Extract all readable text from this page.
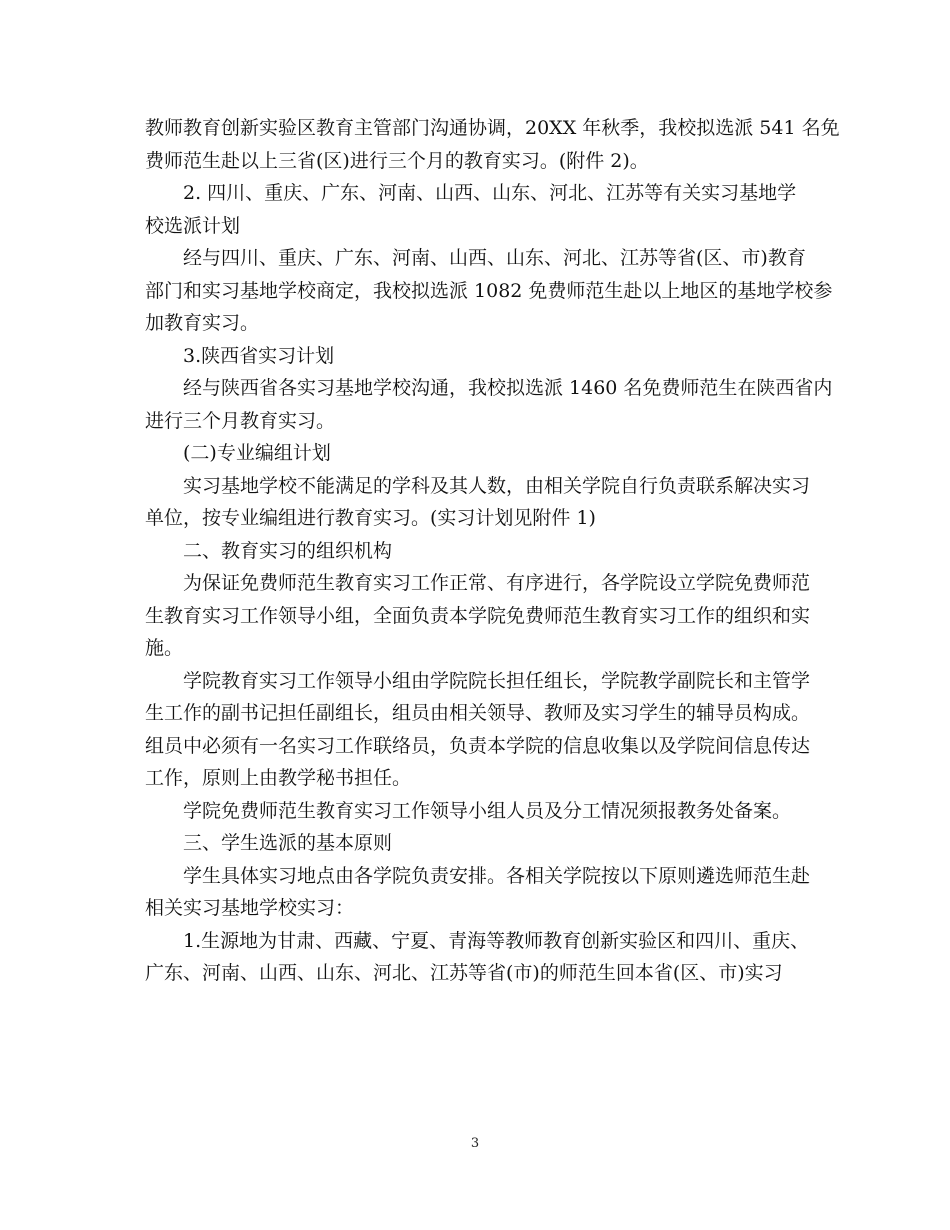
教师教育创新实验区教育主管部门沟通协调，20XX 年秋季，我校拟选派 541 名免
费师范生赴以上三省(区)进行三个月的教育实习。(附件 2)。

2. 四川、重庆、广东、河南、山西、山东、河北、江苏等有关实习基地学
校选派计划

经与四川、重庆、广东、河南、山西、山东、河北、江苏等省(区、市)教育
部门和实习基地学校商定，我校拟选派 1082 免费师范生赴以上地区的基地学校参
加教育实习。

3.陕西省实习计划

经与陕西省各实习基地学校沟通，我校拟选派 1460 名免费师范生在陕西省内
进行三个月教育实习。

(二)专业编组计划

实习基地学校不能满足的学科及其人数，由相关学院自行负责联系解决实习
单位，按专业编组进行教育实习。(实习计划见附件 1)

二、教育实习的组织机构

为保证免费师范生教育实习工作正常、有序进行，各学院设立学院免费师范
生教育实习工作领导小组，全面负责本学院免费师范生教育实习工作的组织和实
施。

学院教育实习工作领导小组由学院院长担任组长，学院教学副院长和主管学
生工作的副书记担任副组长，组员由相关领导、教师及实习学生的辅导员构成。
组员中必须有一名实习工作联络员，负责本学院的信息收集以及学院间信息传达
工作，原则上由教学秘书担任。

学院免费师范生教育实习工作领导小组人员及分工情况须报教务处备案。

三、学生选派的基本原则

学生具体实习地点由各学院负责安排。各相关学院按以下原则遴选师范生赴
相关实习基地学校实习：

1.生源地为甘肃、西藏、宁夏、青海等教师教育创新实验区和四川、重庆、
广东、河南、山西、山东、河北、江苏等省(市)的师范生回本省(区、市)实习

3
